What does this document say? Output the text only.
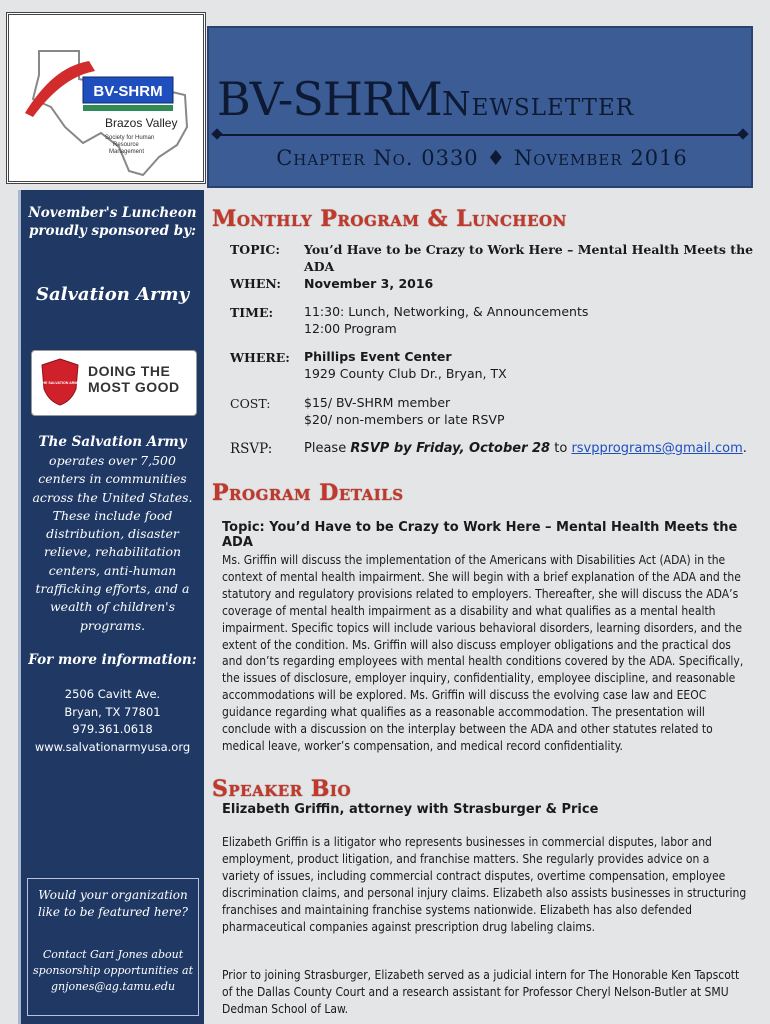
BV-SHRM
Brazos Valley
Society for Human
Resource
Management
BV-SHRMNewsletter
Chapter No. 0330 ♦ November 2016
November's Luncheon proudly sponsored by:
Salvation Army
THE SALVATION ARMY
DOING THE
MOST GOOD
The Salvation Army
operates over 7,500 centers in communities across the United States. These include food distribution, disaster relieve, rehabilitation centers, anti-human trafficking efforts, and a wealth of children's programs.
For more information:
2506 Cavitt Ave.
Bryan, TX 77801
979.361.0618
www.salvationarmyusa.org
Would your organization like to be featured here?
Contact Gari Jones about sponsorship opportunities at gnjones@ag.tamu.edu
Monthly Program & Luncheon
TOPIC: You’d Have to be Crazy to Work Here – Mental Health Meets the ADA
WHEN: November 3, 2016
TIME: 11:30: Lunch, Networking, & Announcements
12:00 Program
WHERE: Phillips Event Center
1929 County Club Dr., Bryan, TX
COST:	$15/ BV-SHRM member
$20/ non-members or late RSVP
RSVP: Please RSVP by Friday, October 28 to rsvpprograms@gmail.com.
Program Details
Topic: You’d Have to be Crazy to Work Here – Mental Health Meets the ADA
Ms. Griffin will discuss the implementation of the Americans with Disabilities Act (ADA) in the context of mental health impairment. She will begin with a brief explanation of the ADA and the statutory and regulatory provisions related to employers. Thereafter, she will discuss the ADA’s coverage of mental health impairment as a disability and what qualifies as a mental health impairment. Specific topics will include various behavioral disorders, learning disorders, and the extent of the condition. Ms. Griffin will also discuss employer obligations and the practical dos and don’ts regarding employees with mental health conditions covered by the ADA. Specifically, the issues of disclosure, employer inquiry, confidentiality, employee discipline, and reasonable accommodations will be explored. Ms. Griffin will discuss the evolving case law and EEOC guidance regarding what qualifies as a reasonable accommodation. The presentation will conclude with a discussion on the interplay between the ADA and other statutes related to medical leave, worker’s compensation, and medical record confidentiality.
Speaker Bio
Elizabeth Griffin, attorney with Strasburger & Price
Elizabeth Griffin is a litigator who represents businesses in commercial disputes, labor and employment, product litigation, and franchise matters. She regularly provides advice on a variety of issues, including commercial contract disputes, overtime compensation, employee discrimination claims, and personal injury claims. Elizabeth also assists businesses in structuring franchises and maintaining franchise systems nationwide. Elizabeth has also defended pharmaceutical companies against prescription drug labeling claims.
Prior to joining Strasburger, Elizabeth served as a judicial intern for The Honorable Ken Tapscott of the Dallas County Court and a research assistant for Professor Cheryl Nelson-Butler at SMU Dedman School of Law.
